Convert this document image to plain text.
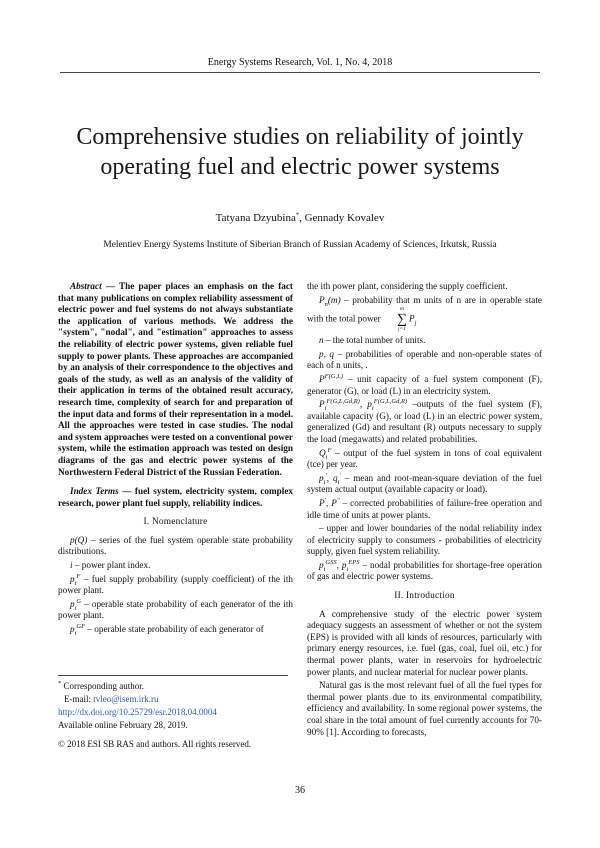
Energy Systems Research, Vol. 1, No. 4, 2018
Comprehensive studies on reliability of jointly operating fuel and electric power systems
Tatyana Dzyubina*, Gennady Kovalev
Melentiev Energy Systems Institute of Siberian Branch of Russian Academy of Sciences, Irkutsk, Russia

Abstract — The paper places an emphasis on the fact that many publications on complex reliability assessment of electric power and fuel systems do not always substantiate the application of various methods. We address the "system", "nodal", and "estimation" approaches to assess the reliability of electric power systems, given reliable fuel supply to power plants. These approaches are accompanied by an analysis of their correspondence to the objectives and goals of the study, as well as an analysis of the validity of their application in terms of the obtained result accuracy, research time, complexity of search for and preparation of the input data and forms of their representation in a model. All the approaches were tested in case studies. The nodal and system approaches were tested on a conventional power system, while the estimation approach was tested on design diagrams of the gas and electric power systems of the Northwestern Federal District of the Russian Federation.

Index Terms — fuel system, electricity system, complex research, power plant fuel supply, reliability indices.

I. Nomenclature

p(Q) – series of the fuel system operable state probability distributions.

i – power plant index.

$p_i^F$ – fuel supply probability (supply coefficient) of the ith power plant.

$p_i^G$ – operable state probability of each generator of the ith power plant.

$p_i^{GF}$ – operable state probability of each generator of

the ith power plant, considering the supply coefficient.

$P_n(m)$ – probability that m units of n are in operable state with the total power
m
∑
j=1
$P_j$

n – the total number of units.

p, q – probabilities of operable and non-operable states of each of n units, .

$P^{F(G,L)}$ – unit capacity of a fuel system component (F), generator (G), or load (L) in an electricity system.

$P_i^{F(G,L,Gd,R)}$, $p_i^{F(G,L,Gd,R)}$ –outputs of the fuel system (F), available capacity (G), or load (L) in an electric power system, generalized (Gd) and resultant (R) outputs necessary to supply the load (megawatts) and related probabilities.

$Q_i^F$ – output of the fuel system in tons of coal equivalent (tce) per year.

$p_i'$, $q_i'$ – mean and root-mean-square deviation of the fuel system actual output (available capacity or load).

P', P" – corrected probabilities of failure-free operation and idle time of units at power plants.

– upper and lower boundaries of the nodal reliability index of electricity supply to consumers - probabilities of electricity supply, given fuel system reliability.

$p_i^{GSS}$, $p_i^{EPS}$ – nodal probabilities for shortage-free operation of gas and electric power systems.

II. Introduction

A comprehensive study of the electric power system adequacy suggests an assessment of whether or not the system (EPS) is provided with all kinds of resources, particularly with primary energy resources, i.e. fuel (gas, coal, fuel oil, etc.) for thermal power plants, water in reservoirs for hydroelectric power plants, and nuclear material for nuclear power plants.

Natural gas is the most relevant fuel of all the fuel types for thermal power plants due to its environmental compatibility, efficiency and availability. In some regional power systems, the coal share in the total amount of fuel currently accounts for 70-90% [1]. According to forecasts,

* Corresponding author.
E-mail: tvleo@isem.irk.ru
http://dx.doi.org/10.25729/esr.2018.04.0004
Available online February 28, 2019.
© 2018 ESI SB RAS and authors. All rights reserved.
36
